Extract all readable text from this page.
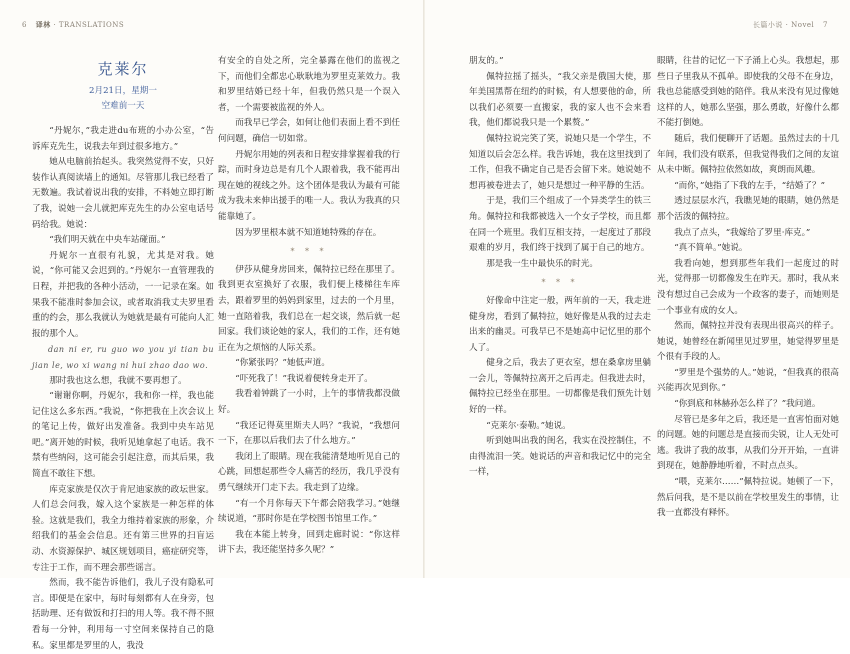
6 译林 · TRANSLATIONS
克莱尔
2月21日，星期一
空难前一天

“丹妮尔，”我走进du布班的小办公室，“告诉库克先生，说我去年到过很多地方。”

她从电脑前抬起头。我突然觉得不安，只好装作认真阅读墙上的通知。尽管那儿我已经看了无数遍。我试着说出我的安排，不料她立即打断了我，说她一会儿就把库克先生的办公室电话号码给我。她说：

“我们明天就在中央车站碰面。”

丹妮尔一直很有礼貌，尤其是对我。她说，“你可能又会迟到的。”丹妮尔一直管理我的日程，并把我的各种小活动，一一记录在案。如果我不能准时参加会议，或者取消我丈夫罗里看重的约会，那么我就认为她就是最有可能向人汇报的那个人。

dan ni er, ru guo wo you yi tian bu jian le, wo xi wang ni hui zhao dao wo.

那时我也这么想，我就不要再想了。

“谢谢你啊，丹妮尔，我和你一样，我也能记住这么多东西。”我说，“你把我在上次会议上的笔记上传，做好出发准备。我到中央车站见吧。”离开她的时候，我听见她拿起了电话。我不禁有些纳闷，这可能会引起注意，而其后果，我简直不敢往下想。

库克家族是仅次于肯尼迪家族的政坛世家。人们总会问我，嫁入这个家族是一种怎样的体验。这就是我们，我全力维持着家族的形象，介绍我们的基金会信息。还有第三世界的扫盲运动、水资源保护、城区规划项目，癌症研究等，专注于工作，而不理会那些谣言。

然而，我不能告诉他们，我儿子没有隐私可言。即便是在家中，每时每刻都有人在身旁，包括助理、还有做饭和打扫的用人等。我不得不照看每一分钟，利用每一寸空间来保持自己的隐私。家里都是罗里的人，我没

有安全的自处之所，完全暴露在他们的监视之下，而他们全都忠心耿耿地为罗里克莱效力。我和罗里结婚已经十年，但我仍然只是一个误入者，一个需要被监视的外人。

而我早已学会，如何让他们表面上看不到任何问题，确信一切如常。

丹妮尔用她的列表和日程安排掌握着我的行踪，而时身边总是有几个人跟着我，我不能再出现在她的视线之外。这个团体是我认为最有可能成为我未来伸出援手的唯一人。我认为我真的只能靠她了。

因为罗里根本就不知道她特殊的存在。

* * *

伊莎从健身房回来，佩特拉已经在那里了。我到更衣室换好了衣服，我们便上楼梯往车库去，跟着罗里的妈妈到家里，过去的一个月里，她一直陪着我，我们总在一起交谈，然后就一起回家。我们谈论她的家人，我们的工作，还有她正在为之烦恼的人际关系。

“你紧张吗？”她低声道。

“吓死我了！”我说着便转身走开了。

我看着钟跳了一小时，上午的事情我都没做好。

“我还记得莫里斯夫人吗？”我说，“我想问一下，在那以后我们去了什么地方。”

我闭上了眼睛。现在我能清楚地听见自己的心跳，回想起那些令人痛苦的经历，我几乎没有勇气继续开门走下去。我走到了边缘。

“有一个月你每天下午都会陪我学习。”她继续说道，“那时你是在学校图书馆里工作。”

我在本能上转身，回到走廊时说：“你这样讲下去，我还能坚持多久呢？”

长篇小说 · Novel 7

朋友的。”

佩特拉摇了摇头，“我父亲是俄国大使，那年美国黑帮在纽约的时候，有人想要他的命，所以我们必须要一直搬家，我的家人也不会来看我，他们都说我只是一个累赘。”

佩特拉说完笑了笑，说她只是一个学生，不知道以后会怎么样。我告诉她，我在这里找到了工作，但我不确定自己是否会留下来。她说她不想再被卷进去了，她只是想过一种平静的生活。

于是，我们三个组成了一个异类学生的铁三角。佩特拉和我都被选入一个女子学校，而且都在同一个班里。我们互相支持，一起度过了那段艰难的岁月，我们终于找到了属于自己的地方。

那是我一生中最快乐的时光。

* * *

好像命中注定一般，两年前的一天，我走进健身房，看到了佩特拉，她好像是从我的过去走出来的幽灵。可我早已不是她高中记忆里的那个人了。

健身之后，我去了更衣室，想在桑拿房里躺一会儿，等佩特拉离开之后再走。但我进去时，佩特拉已经坐在那里。一切都像是我们预先计划好的一样。

“克莱尔·泰勒。”她说。

听到她叫出我的闺名，我实在没控制住，不由得流泪一笑。她说话的声音和我记忆中的完全一样，

眼睛，往昔的记忆一下子涌上心头。我想起，那些日子里我从不孤单。即使我的父母不在身边，我也总能感受到她的陪伴。我从来没有见过像她这样的人，她那么坚强，那么勇敢，好像什么都不能打倒她。

随后，我们便聊开了话题。虽然过去的十几年间，我们没有联系，但我觉得我们之间的友谊从未中断。佩特拉依然如故，爽朗而风趣。

“而你，”她指了下我的左手，“结婚了？”

透过层层水汽，我瞧见她的眼睛，她仍然是那个活泼的佩特拉。

我点了点头，“我嫁给了罗里·库克。”

“真不简单。”她说。

我看向她，想到那些年我们一起度过的时光，觉得那一切都像发生在昨天。那时，我从来没有想过自己会成为一个政客的妻子，而她则是一个事业有成的女人。

然而，佩特拉并没有表现出很高兴的样子。她说，她曾经在新闻里见过罗里，她觉得罗里是个很有手段的人。

“罗里是个强势的人。”她说，“但我真的很高兴能再次见到你。”

“你到底和林赫孙怎么样了？”我问道。

尽管已是多年之后，我还是一直害怕面对她的问题。她的问题总是直接而尖锐，让人无处可逃。我讲了我的故事，从我们分开开始，一直讲到现在，她静静地听着，不时点点头。

“喂，克莱尔……”佩特拉说。她顿了一下，然后问我，是不是以前在学校里发生的事情，让我一直都没有释怀。
